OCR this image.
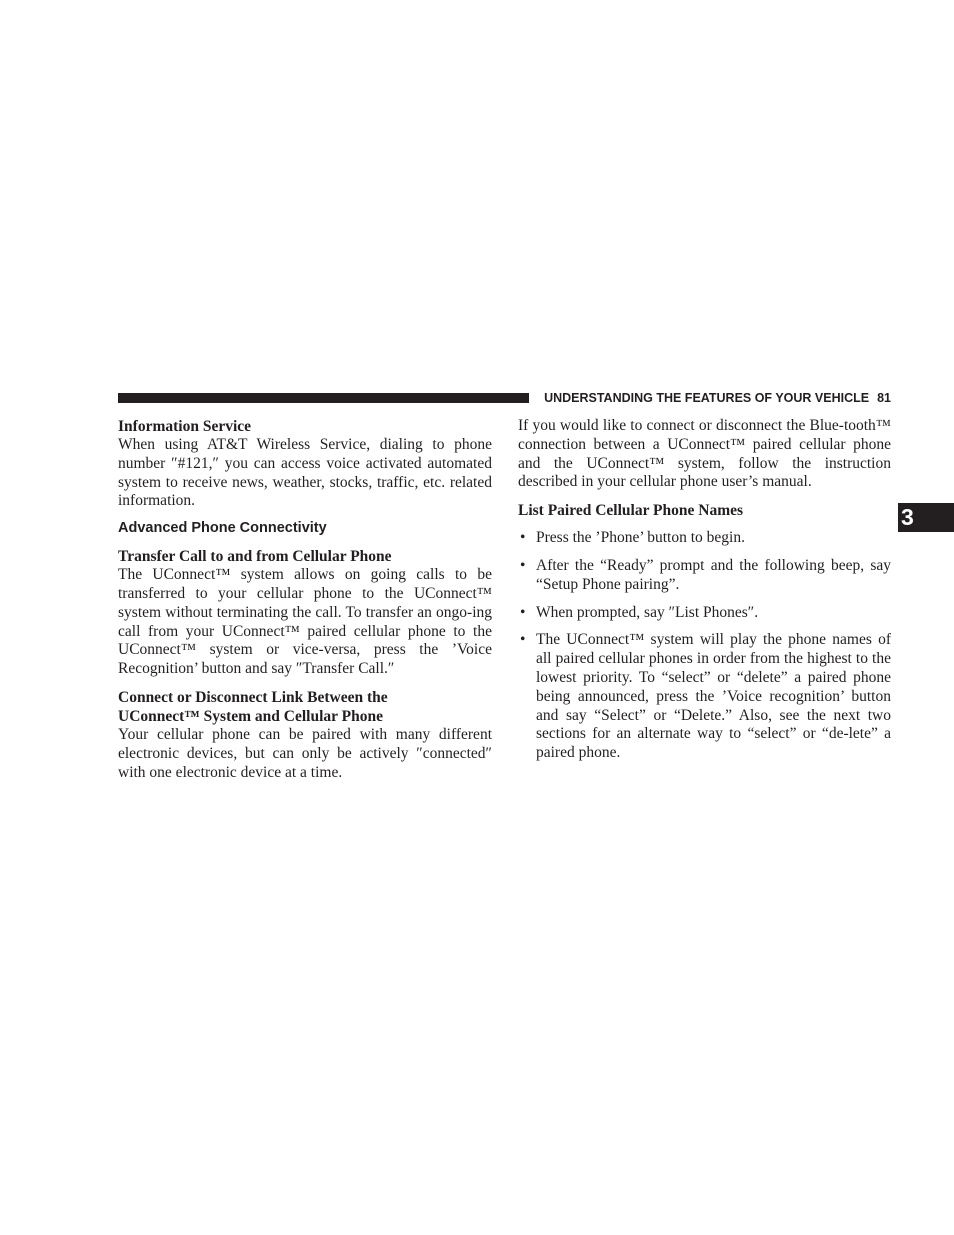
UNDERSTANDING THE FEATURES OF YOUR VEHICLE 81
3

Information Service

When using AT&T Wireless Service, dialing to phone number ″#121,″ you can access voice activated automated system to receive news, weather, stocks, traffic, etc. related information.

Advanced Phone Connectivity

Transfer Call to and from Cellular Phone

The UConnect™ system allows on going calls to be transferred to your cellular phone to the UConnect™ system without terminating the call. To transfer an ongo-ing call from your UConnect™ paired cellular phone to the UConnect™ system or vice-versa, press the ’Voice Recognition’ button and say ″Transfer Call.″

Connect or Disconnect Link Between the
UConnect™ System and Cellular Phone

Your cellular phone can be paired with many different electronic devices, but can only be actively ″connected″ with one electronic device at a time.

If you would like to connect or disconnect the Blue-tooth™ connection between a UConnect™ paired cellular phone and the UConnect™ system, follow the instruction described in your cellular phone user’s manual.

List Paired Cellular Phone Names

• Press the ’Phone’ button to begin.
• After the “Ready” prompt and the following beep, say “Setup Phone pairing”.
• When prompted, say ″List Phones″.
• The UConnect™ system will play the phone names of all paired cellular phones in order from the highest to the lowest priority. To “select” or “delete” a paired phone being announced, press the ’Voice recognition’ button and say “Select” or “Delete.” Also, see the next two sections for an alternate way to “select” or “de-lete” a paired phone.
